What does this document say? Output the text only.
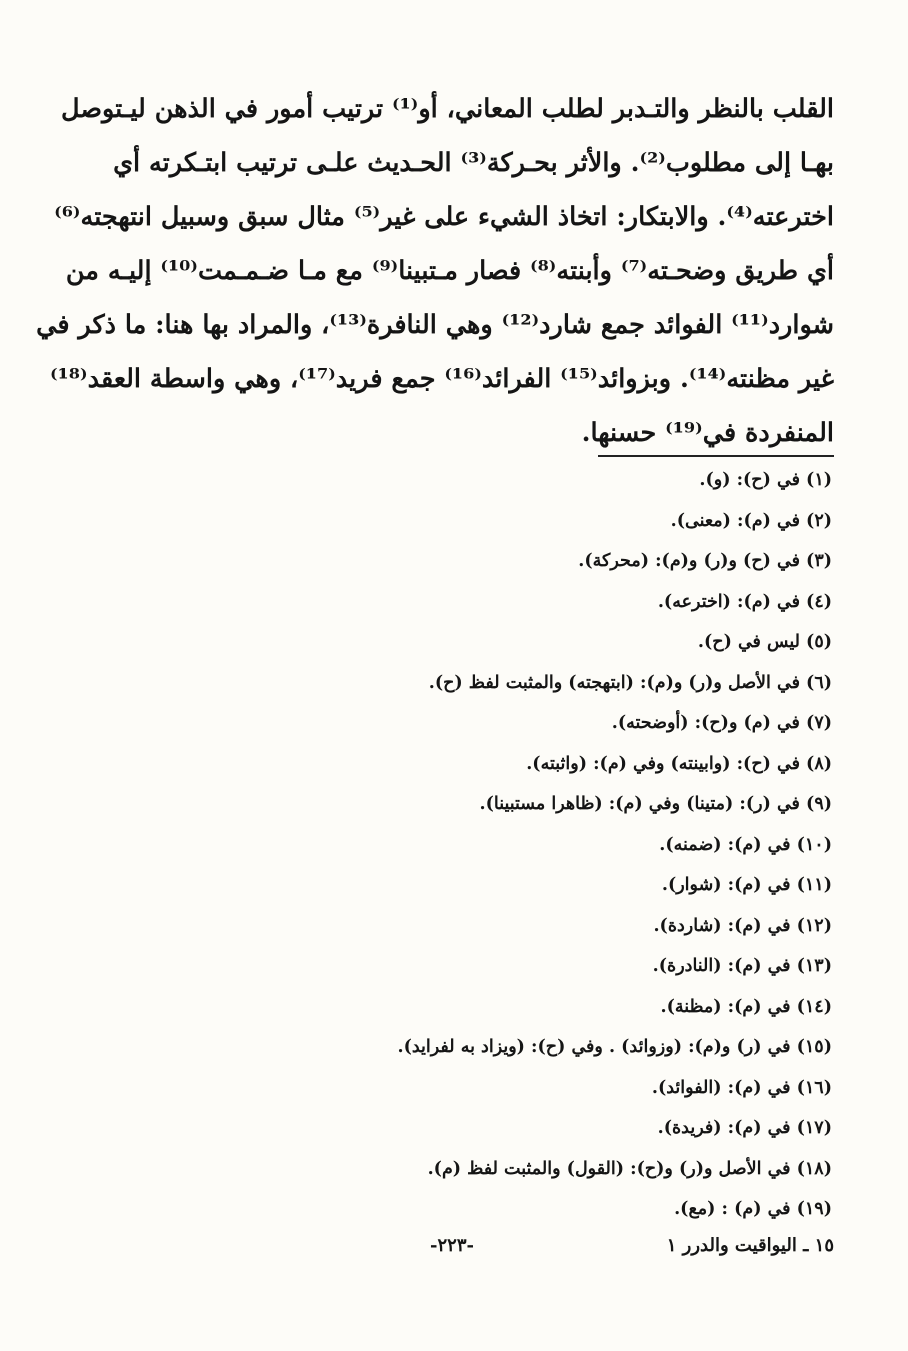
القلب بالنظر والتـدبر لطلب المعاني، أو⁽¹⁾ ترتيب أمور في الذهن ليـتوصل
بهـا إلى مطلوب⁽²⁾. والأثر بحـركة⁽³⁾ الحـديث علـى ترتيب ابتـكرته أي
اخترعته⁽⁴⁾. والابتكار: اتخاذ الشيء على غير⁽⁵⁾ مثال سبق وسبيل انتهجته⁽⁶⁾
أي طريق وضحـته⁽⁷⁾ وأبنته⁽⁸⁾ فصار مـتبينا⁽⁹⁾ مع مـا ضـمـمت⁽¹⁰⁾ إليـه من
شوارد⁽¹¹⁾ الفوائد جمع شارد⁽¹²⁾ وهي النافرة⁽¹³⁾، والمراد بها هنا: ما ذكر في
غير مظنته⁽¹⁴⁾. وبزوائد⁽¹⁵⁾ الفرائد⁽¹⁶⁾ جمع فريد⁽¹⁷⁾، وهي واسطة العقد⁽¹⁸⁾
المنفردة في⁽¹⁹⁾ حسنها.
(١) في (ح): (و).
(٢) في (م): (معنى).
(٣) في (ح) و(ر) و(م): (محركة).
(٤) في (م): (اخترعه).
(٥) ليس في (ح).
(٦) في الأصل و(ر) و(م): (ابتهجته) والمثبت لفظ (ح).
(٧) في (م) و(ح): (أوضحته).
(٨) في (ح): (وابينته) وفي (م): (واثبته).
(٩) في (ر): (متينا) وفي (م): (ظاهرا مستبينا).
(١٠) في (م): (ضمنه).
(١١) في (م): (شوار).
(١٢) في (م): (شاردة).
(١٣) في (م): (النادرة).
(١٤) في (م): (مظنة).
(١٥) في (ر) و(م): (وزوائد) . وفي (ح): (ويزاد به لفرايد).
(١٦) في (م): (الفوائد).
(١٧) في (م): (فريدة).
(١٨) في الأصل و(ر) و(ح): (القول) والمثبت لفظ (م).
(١٩) في (م) : (مع).
-٢٢٣-	١٥ ـ اليواقيت والدرر ١
